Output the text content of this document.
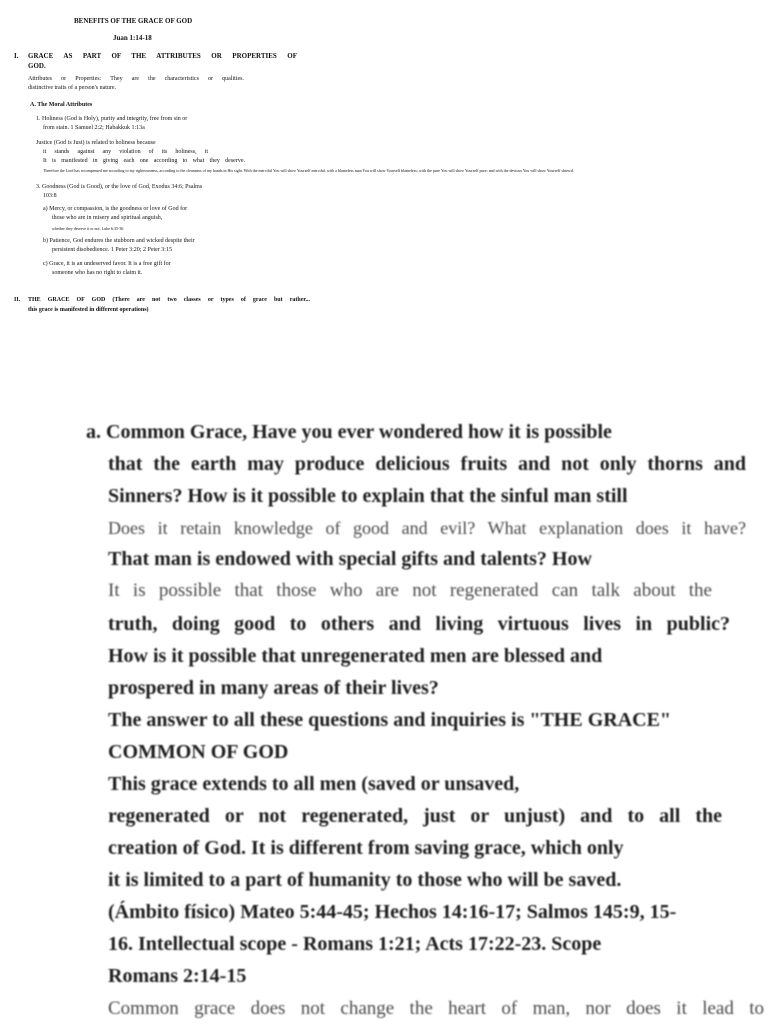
BENEFITS OF THE GRACE OF GOD
Juan 1:14-18
I. GRACE AS PART OF THE ATTRIBUTES OR PROPERTIES OF
GOD.
Attributes or Properties: They are the characteristics or qualities.
distinctive traits of a person's nature.
A. The Moral Attributes
1. Holiness (God is Holy), purity and integrity, free from sin or
from stain. 1 Samuel 2:2; Habakkuk 1:13a
Justice (God is Just) is related to holiness because
it stands against any violation of its holiness, it
It is manifested in giving each one according to what they deserve.
Therefore the Lord has recompensed me according to my righteousness, according to the cleanness of my hands in His sight. With the merciful You will show Yourself merciful, with a blameless man You will show Yourself blameless; with the pure You will show Yourself pure; and with the devious You will show Yourself shrewd.
3. Goodness (God is Good), or the love of God, Exodus 34:6; Psalms
103:8
a) Mercy, or compassion, is the goodness or love of God for
those who are in misery and spiritual anguish,
whether they deserve it or not. Luke 6:35-36
b) Patience, God endures the stubborn and wicked despite their
persistent disobedience. 1 Peter 3:20; 2 Peter 3:15
c) Grace, it is an undeserved favor. It is a free gift for
someone who has no right to claim it.
II. THE GRACE OF GOD (There are not two classes or types of grace but rather...
this grace is manifested in different operations)
a. Common Grace, Have you ever wondered how it is possible
that the earth may produce delicious fruits and not only thorns and
Sinners? How is it possible to explain that the sinful man still
Does it retain knowledge of good and evil? What explanation does it have?
That man is endowed with special gifts and talents? How
It is possible that those who are not regenerated can talk about the
truth, doing good to others and living virtuous lives in public?
How is it possible that unregenerated men are blessed and
prospered in many areas of their lives?
The answer to all these questions and inquiries is "THE GRACE"
COMMON OF GOD
This grace extends to all men (saved or unsaved,
regenerated or not regenerated, just or unjust) and to all the
creation of God. It is different from saving grace, which only
it is limited to a part of humanity to those who will be saved.
(Ámbito físico) Mateo 5:44-45; Hechos 14:16-17; Salmos 145:9, 15-
16. Intellectual scope - Romans 1:21; Acts 17:22-23. Scope
Romans 2:14-15
Common grace does not change the heart of man, nor does it lead to
